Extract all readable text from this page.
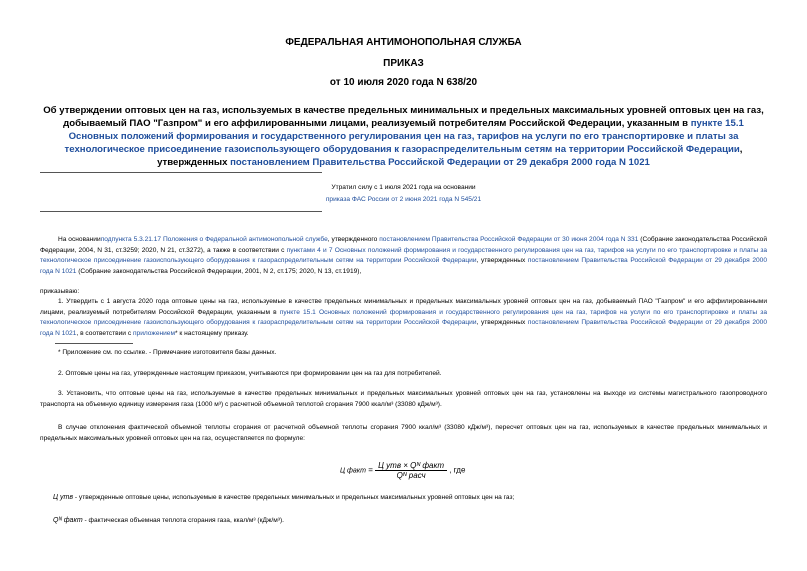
ФЕДЕРАЛЬНАЯ АНТИМОНОПОЛЬНАЯ СЛУЖБА
ПРИКАЗ
от 10 июля 2020 года N 638/20
Об утверждении оптовых цен на газ, используемых в качестве предельных минимальных и предельных максимальных уровней оптовых цен на газ, добываемый ПАО "Газпром" и его аффилированными лицами, реализуемый потребителям Российской Федерации, указанным в пункте 15.1 Основных положений формирования и государственного регулирования цен на газ, тарифов на услуги по его транспортировке и платы за технологическое присоединение газоиспользующего оборудования к газораспределительным сетям на территории Российской Федерации, утвержденных постановлением Правительства Российской Федерации от 29 декабря 2000 года N 1021
Утратил силу с 1 июля 2021 года на основании
приказа ФАС России от 2 июня 2021 года N 545/21
На основанииподпункта 5.3.21.17 Положения о Федеральной антимонопольной службе, утвержденного постановлением Правительства Российской Федерации от 30 июня 2004 года N 331 (Собрание законодательства Российской Федерации, 2004, N 31, ст.3259; 2020, N 21, ст.3272), а также в соответствии с пунктами 4 и 7 Основных положений формирования и государственного регулирования цен на газ, тарифов на услуги по его транспортировке и платы за технологическое присоединение газоиспользующего оборудования к газораспределительным сетям на территории Российской Федерации, утвержденных постановлением Правительства Российской Федерации от 29 декабря 2000 года N 1021 (Собрание законодательства Российской Федерации, 2001, N 2, ст.175; 2020, N 13, ст.1919),
приказываю:
1. Утвердить с 1 августа 2020 года оптовые цены на газ, используемые в качестве предельных минимальных и предельных максимальных уровней оптовых цен на газ, добываемый ПАО "Газпром" и его аффилированными лицами, реализуемый потребителям Российской Федерации, указанным в пункте 15.1 Основных положений формирования и государственного регулирования цен на газ, тарифов на услуги по его транспортировке и платы за технологическое присоединение газоиспользующего оборудования к газораспределительным сетям на территории Российской Федерации, утвержденных постановлением Правительства Российской Федерации от 29 декабря 2000 года N 1021, в соответствии с приложением* к настоящему приказу.
* Приложение см. по ссылке. - Примечание изготовителя базы данных.
2. Оптовые цены на газ, утвержденные настоящим приказом, учитываются при формировании цен на газ для потребителей.
3. Установить, что оптовые цены на газ, используемые в качестве предельных минимальных и предельных максимальных уровней оптовых цен на газ, установлены на выходе из системы магистрального газопроводного транспорта на объемную единицу измерения газа (1000 м³) с расчетной объемной теплотой сгорания 7900 ккал/м³ (33080 кДж/м³).
В случае отклонения фактической объемной теплоты сгорания от расчетной объемной теплоты сгорания 7900 ккал/м³ (33080 кДж/м³), пересчет оптовых цен на газ, используемых в качестве предельных минимальных и предельных максимальных уровней оптовых цен на газ, осуществляется по формуле:
Ц факт = $\frac{\text{Ц утв × Qᴺ факт}}{\text{Qᴺ расч}}$ , где
Ц утв - утвержденные оптовые цены, используемые в качестве предельных минимальных и предельных максимальных уровней оптовых цен на газ;
Qᴺ факт - фактическая объемная теплота сгорания газа, ккал/м³ (кДж/м³).
